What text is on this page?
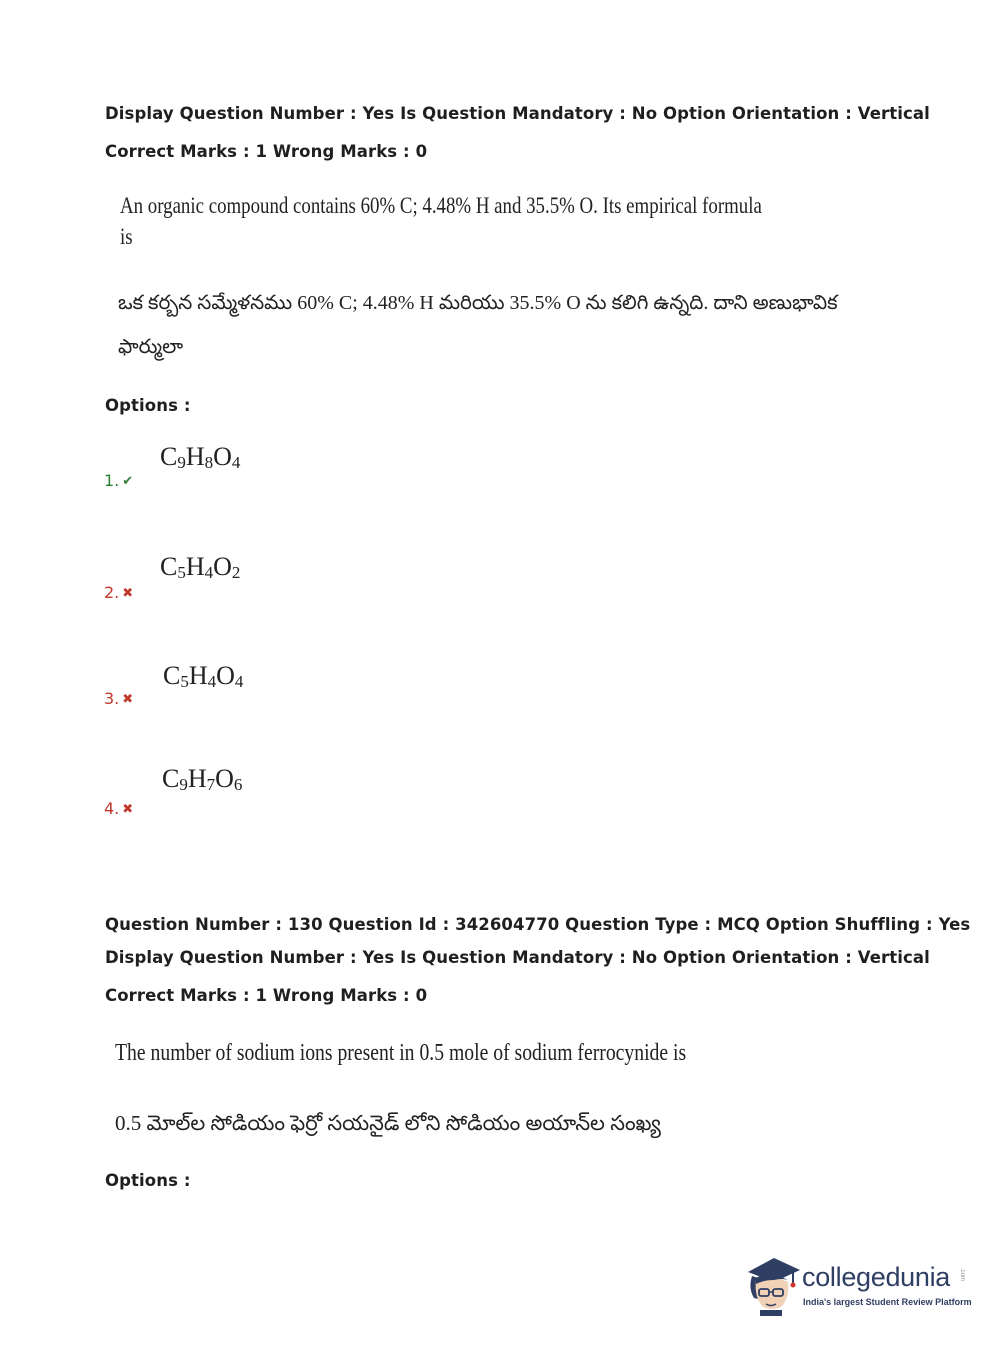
Display Question Number : Yes Is Question Mandatory : No Option Orientation : Vertical
Correct Marks : 1 Wrong Marks : 0
An organic compound contains 60% C; 4.48% H and 35.5% O. Its empirical formula
is
ఒక కర్బన సమ్మేళనము 60% C; 4.48% H మరియు 35.5% O ను కలిగి ఉన్నది. దాని అణుభావిక
ఫార్ములా
Options :
$C_9H_8O_4$
1. ✔
$C_5H_4O_2$
2. ✖
$C_5H_4O_4$
3. ✖
$C_9H_7O_6$
4. ✖
Question Number : 130 Question Id : 342604770 Question Type : MCQ Option Shuffling : Yes
Display Question Number : Yes Is Question Mandatory : No Option Orientation : Vertical
Correct Marks : 1 Wrong Marks : 0
The number of sodium ions present in 0.5 mole of sodium ferrocynide is
0.5 మోల్‌ల సోడియం ఫెర్రో సయనైడ్ లోని సోడియం అయాన్‌ల సంఖ్య
Options :
collegedunia .com
India's largest Student Review Platform
